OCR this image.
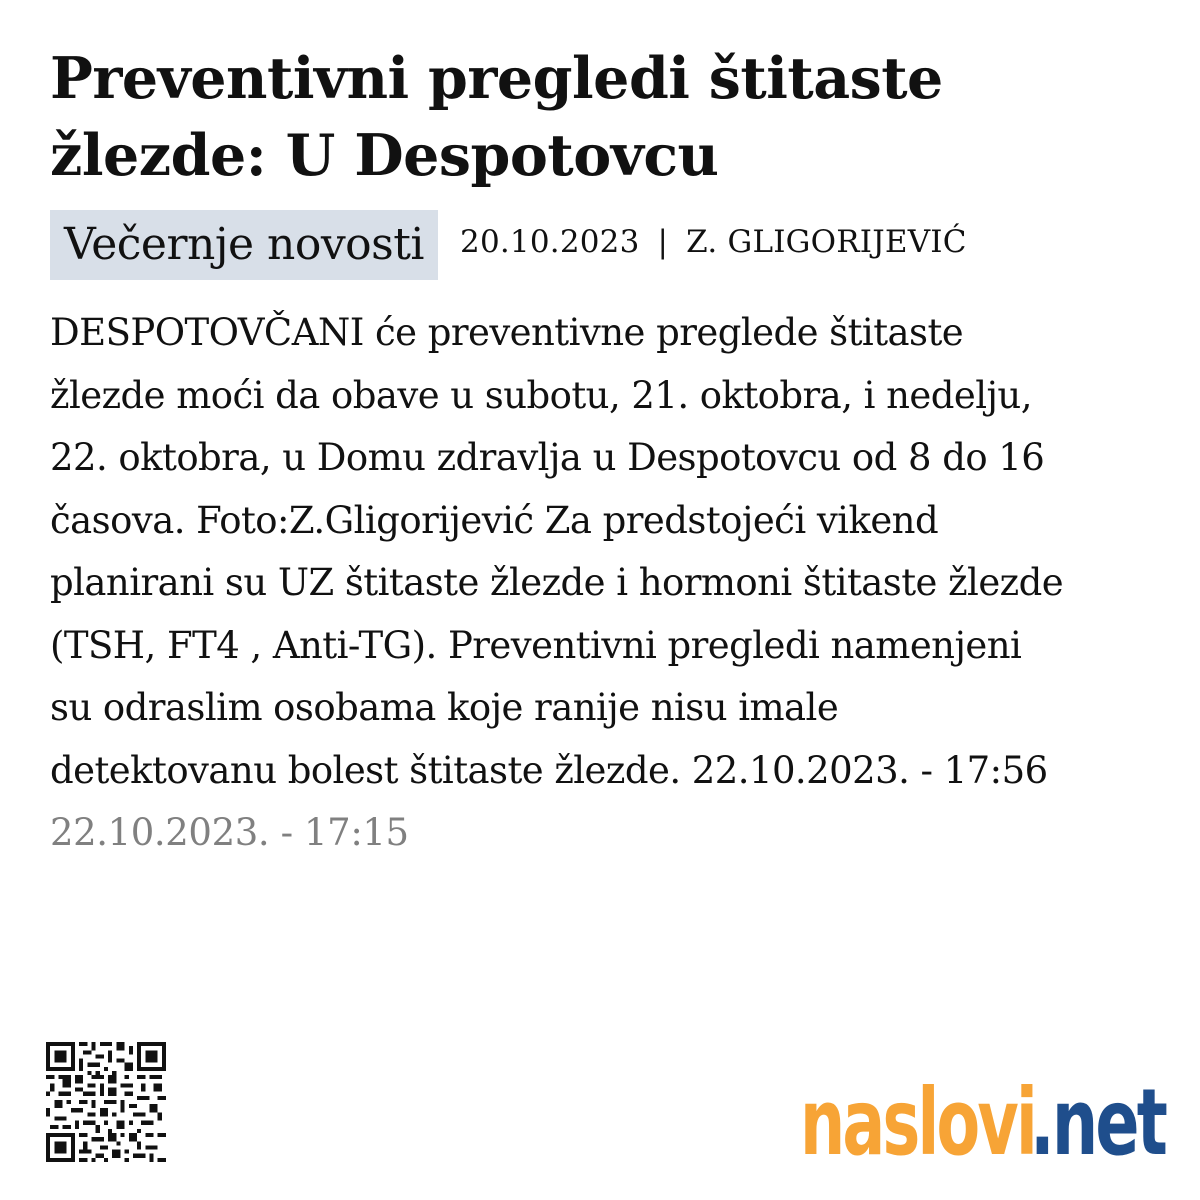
Preventivni pregledi štitaste žlezde: U Despotovcu
Večernje novosti	20.10.2023 | Z. GLIGORIJEVIĆ

DESPOTOVČANI će preventivne preglede štitaste
žlezde moći da obave u subotu, 21. oktobra, i nedelju,
22. oktobra, u Domu zdravlja u Despotovcu od 8 do 16
časova. Foto:Z.Gligorijević Za predstojeći vikend
planirani su UZ štitaste žlezde i hormoni štitaste žlezde
(TSH, FT4 , Anti-TG). Preventivni pregledi namenjeni
su odraslim osobama koje ranije nisu imale
detektovanu bolest štitaste žlezde. 22.10.2023. - 17:56

22.10.2023. - 17:15
naslovi
.net
